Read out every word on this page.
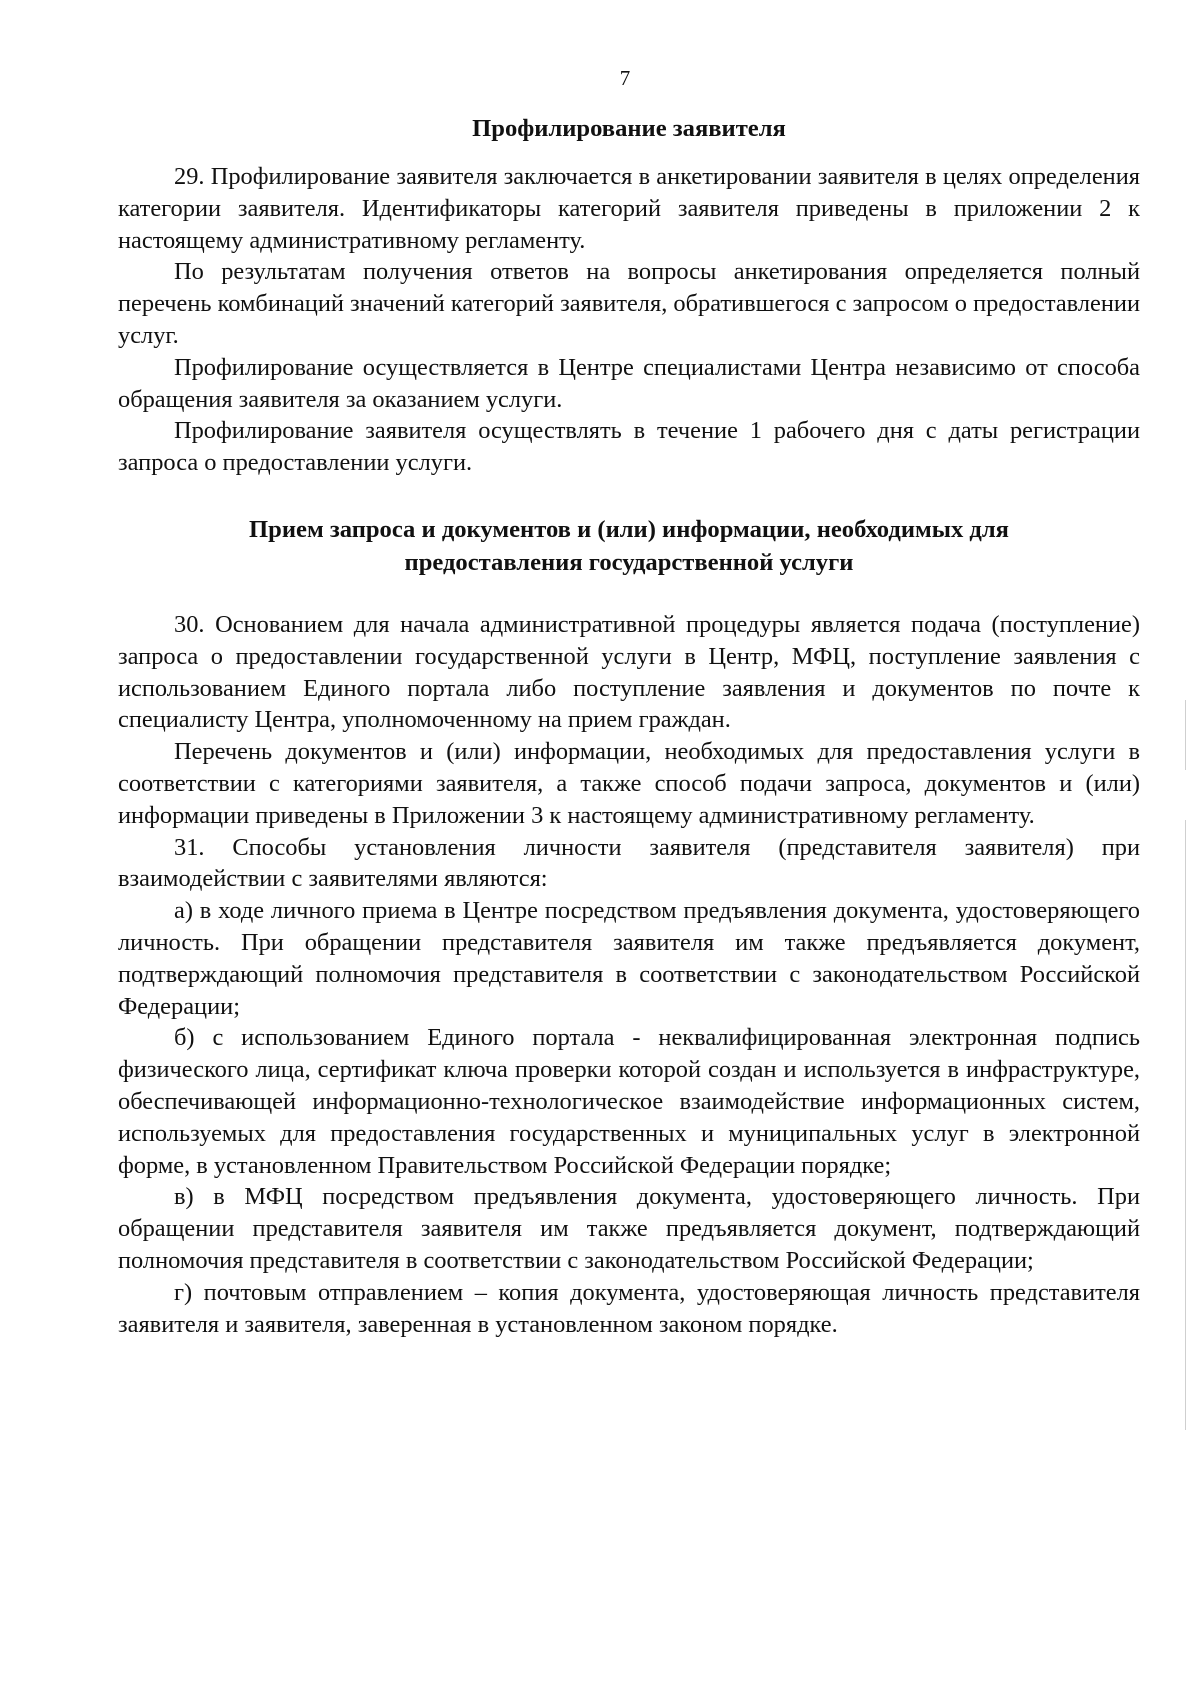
7
Профилирование заявителя

29. Профилирование заявителя заключается в анкетировании заявителя в целях определения категории заявителя. Идентификаторы категорий заявителя приведены в приложении 2 к настоящему административному регламенту.

По результатам получения ответов на вопросы анкетирования определяется полный перечень комбинаций значений категорий заявителя, обратившегося с запросом о предоставлении услуг.

Профилирование осуществляется в Центре специалистами Центра независимо от способа обращения заявителя за оказанием услуги.

Профилирование заявителя осуществлять в течение 1 рабочего дня с даты регистрации запроса о предоставлении услуги.

Прием запроса и документов и (или) информации, необходимых для
предоставления государственной услуги

30. Основанием для начала административной процедуры является подача (поступление) запроса о предоставлении государственной услуги в Центр, МФЦ, поступление заявления с использованием Единого портала либо поступление заявления и документов по почте к специалисту Центра, уполномоченному на прием граждан.

Перечень документов и (или) информации, необходимых для предоставления услуги в соответствии с категориями заявителя, а также способ подачи запроса, документов и (или) информации приведены в Приложении 3 к настоящему административному регламенту.

31. Способы установления личности заявителя (представителя заявителя) при взаимодействии с заявителями являются:

а) в ходе личного приема в Центре посредством предъявления документа, удостоверяющего личность. При обращении представителя заявителя им также предъявляется документ, подтверждающий полномочия представителя в соответствии с законодательством Российской Федерации;

б) с использованием Единого портала - неквалифицированная электронная подпись физического лица, сертификат ключа проверки которой создан и используется в инфраструктуре, обеспечивающей информационно-технологическое взаимодействие информационных систем, используемых для предоставления государственных и муниципальных услуг в электронной форме, в установленном Правительством Российской Федерации порядке;

в) в МФЦ посредством предъявления документа, удостоверяющего личность. При обращении представителя заявителя им также предъявляется документ, подтверждающий полномочия представителя в соответствии с законодательством Российской Федерации;

г) почтовым отправлением – копия документа, удостоверяющая личность представителя заявителя и заявителя, заверенная в установленном законом порядке.
